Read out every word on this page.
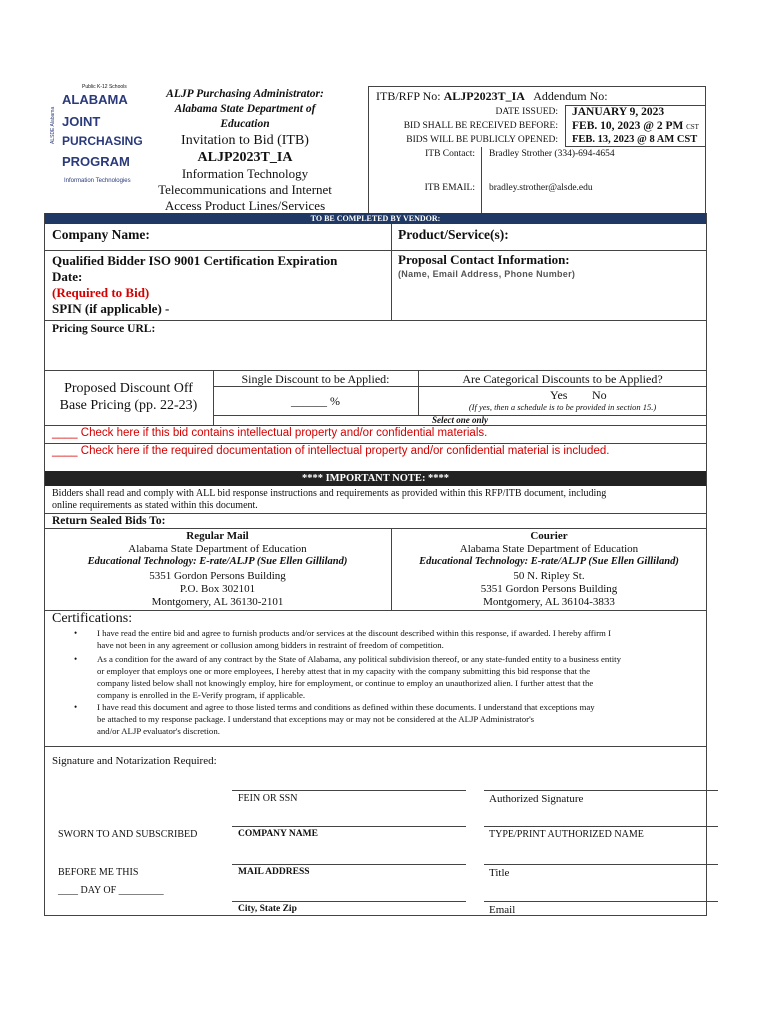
ALSDE Alabama
Public K-12 Schools
ALABAMA
JOINT
PURCHASING
PROGRAM
Information Technologies
ALJP Purchasing Administrator:
Alabama State Department of
Education
Invitation to Bid (ITB)
ALJP2023T_IA
Information Technology
Telecommunications and Internet
Access Product Lines/Services
ITB/RFP No: ALJP2023T_IA Addendum No:
DATE ISSUED: JANUARY 9, 2023
BID SHALL BE RECEIVED BEFORE: FEB. 10, 2023 @ 2 PM CST
BIDS WILL BE PUBLICLY OPENED: FEB. 13, 2023 @ 8 AM CST
ITB Contact: Bradley Strother (334)-694-4654
ITB EMAIL: bradley.strother@alsde.edu
TO BE COMPLETED BY VENDOR:
Company Name:	Product/Service(s):
Qualified Bidder ISO 9001 Certification Expiration
Date:
(Required to Bid)
SPIN (if applicable) -
Proposal Contact Information:
(Name, Email Address, Phone Number)
Pricing Source URL:
Proposed Discount Off
Base Pricing (pp. 22-23)
Single Discount to be Applied:
______ %
Are Categorical Discounts to be Applied?
Yes No
(If yes, then a schedule is to be provided in section 15.)
Select one only
____ Check here if this bid contains intellectual property and/or confidential materials.
____ Check here if the required documentation of intellectual property and/or confidential material is included.
**** IMPORTANT NOTE: ****
Bidders shall read and comply with ALL bid response instructions and requirements as provided within this RFP/ITB document, including
online requirements as stated within this document.
Return Sealed Bids To:
Regular Mail
Alabama State Department of Education
Educational Technology: E-rate/ALJP (Sue Ellen Gilliland)
5351 Gordon Persons Building
P.O. Box 302101
Montgomery, AL 36130-2101
Courier
Alabama State Department of Education
Educational Technology: E-rate/ALJP (Sue Ellen Gilliland)
50 N. Ripley St.
5351 Gordon Persons Building
Montgomery, AL 36104-3833
Certifications:
• I have read the entire bid and agree to furnish products and/or services at the discount described within this response, if awarded. I hereby affirm I
have not been in any agreement or collusion among bidders in restraint of freedom of competition.
• As a condition for the award of any contract by the State of Alabama, any political subdivision thereof, or any state-funded entity to a business entity
or employer that employs one or more employees, I hereby attest that in my capacity with the company submitting this bid response that the
company listed below shall not knowingly employ, hire for employment, or continue to employ an unauthorized alien. I further attest that the
company is enrolled in the E-Verify program, if applicable.
• I have read this document and agree to those listed terms and conditions as defined within these documents. I understand that exceptions may
be attached to my response package. I understand that exceptions may or may not be considered at the ALJP Administrator's
and/or ALJP evaluator's discretion.
Signature and Notarization Required:
FEIN OR SSN	Authorized Signature
SWORN TO AND SUBSCRIBED	COMPANY NAME	TYPE/PRINT AUTHORIZED NAME
BEFORE ME THIS	MAIL ADDRESS	Title
____ DAY OF _________
City, State Zip	Email
